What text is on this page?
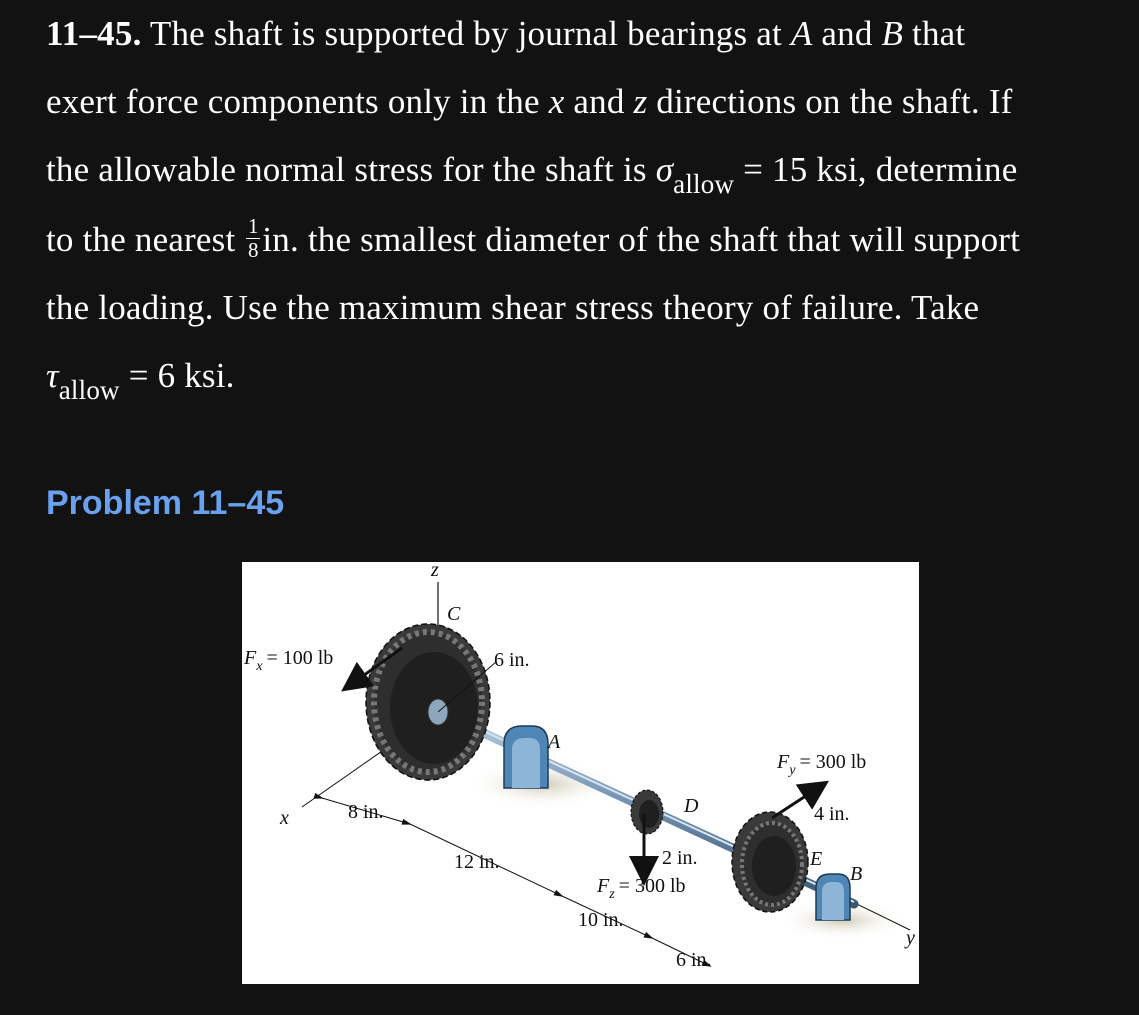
11–45. The shaft is supported by journal bearings at A and B that
exert force components only in the x and z directions on the shaft. If
the allowable normal stress for the shaft is $\sigma_{allow} = 15$ ksi, determine
to the nearest $\frac{1}{8}in$. the smallest diameter of the shaft that will support
the loading. Use the maximum shear stress theory of failure. Take
$\tau_{allow} = 6$ ksi.
Problem 11–45
z
C
$F_x = 100$ lb	6 in.
A
$F_y = 300$ lb
4 in.
D
x	8 in.
E
B
2 in.
12 in.
$F_z = 300$ lb
10 in.
6 in.
y
